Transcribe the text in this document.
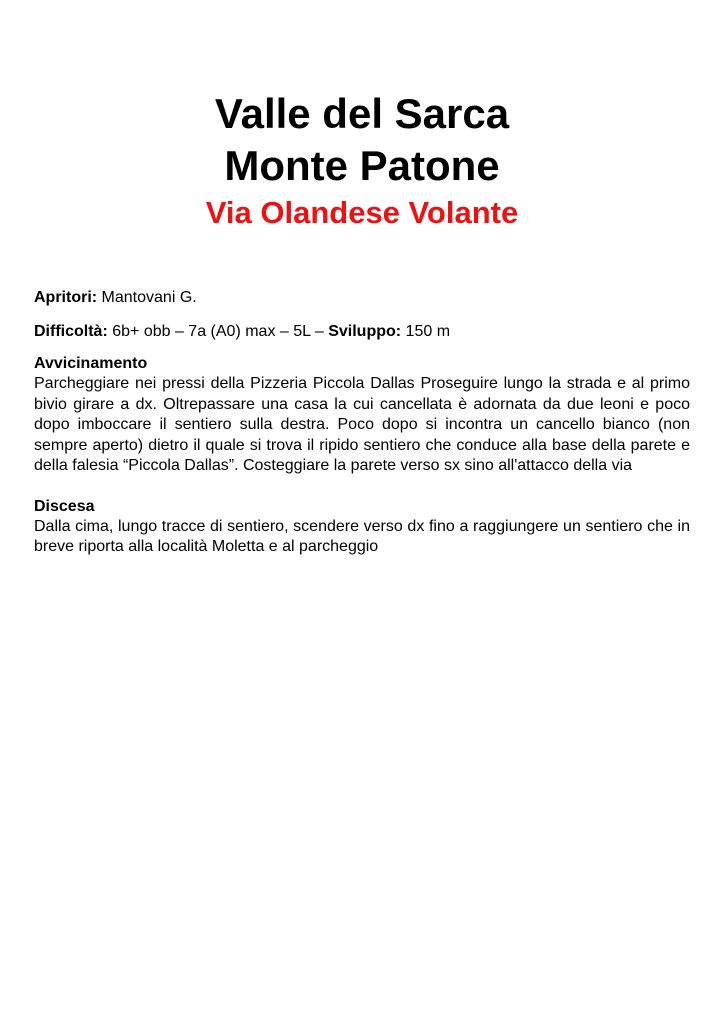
Valle del Sarca
Monte Patone
Via Olandese Volante

Apritori: Mantovani G.

Difficoltà: 6b+ obb – 7a (A0) max – 5L – Sviluppo: 150 m

Avvicinamento

Parcheggiare nei pressi della Pizzeria Piccola Dallas Proseguire lungo la strada e al primo bivio girare a dx. Oltrepassare una casa la cui cancellata è adornata da due leoni e poco dopo imboccare il sentiero sulla destra. Poco dopo si incontra un cancello bianco (non sempre aperto) dietro il quale si trova il ripido sentiero che conduce alla base della parete e della falesia “Piccola Dallas”. Costeggiare la parete verso sx sino all'attacco della via

Discesa

Dalla cima, lungo tracce di sentiero, scendere verso dx fino a raggiungere un sentiero che in breve riporta alla località Moletta e al parcheggio
